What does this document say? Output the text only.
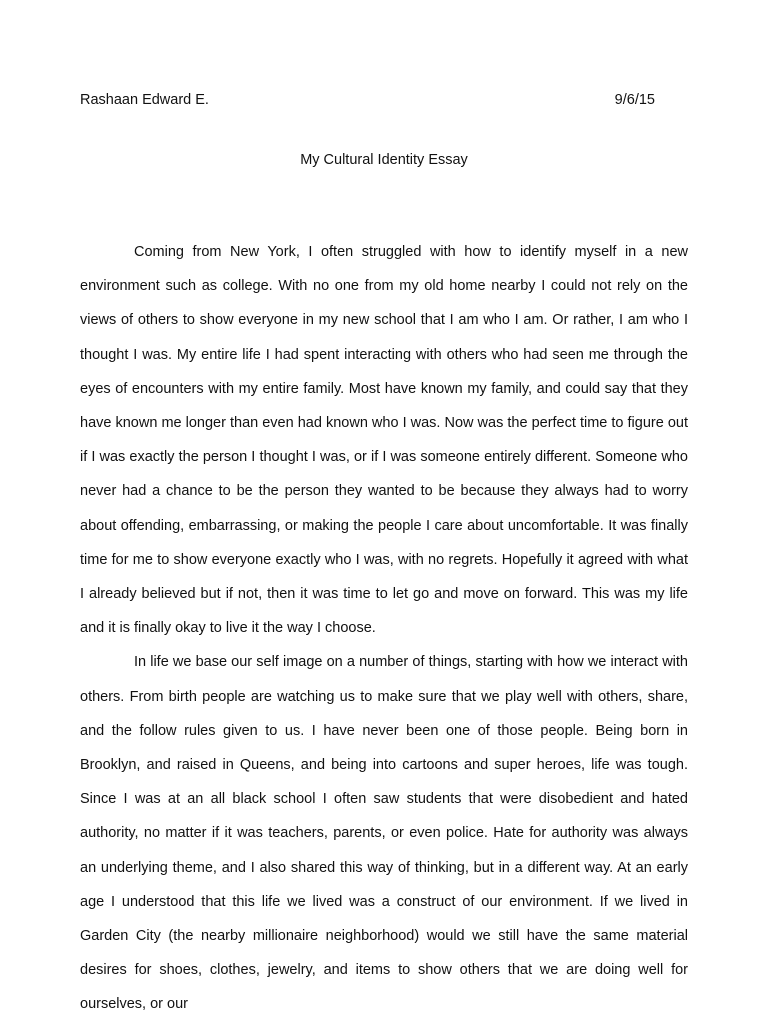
Rashaan Edward E.	9/6/15
My Cultural Identity Essay

Coming from New York, I often struggled with how to identify myself in a new environment such as college. With no one from my old home nearby I could not rely on the views of others to show everyone in my new school that I am who I am. Or rather, I am who I thought I was. My entire life I had spent interacting with others who had seen me through the eyes of encounters with my entire family. Most have known my family, and could say that they have known me longer than even had known who I was. Now was the perfect time to figure out if I was exactly the person I thought I was, or if I was someone entirely different. Someone who never had a chance to be the person they wanted to be because they always had to worry about offending, embarrassing, or making the people I care about uncomfortable. It was finally time for me to show everyone exactly who I was, with no regrets. Hopefully it agreed with what I already believed but if not, then it was time to let go and move on forward. This was my life and it is finally okay to live it the way I choose.

In life we base our self image on a number of things, starting with how we interact with others. From birth people are watching us to make sure that we play well with others, share, and the follow rules given to us. I have never been one of those people. Being born in Brooklyn, and raised in Queens, and being into cartoons and super heroes, life was tough. Since I was at an all black school I often saw students that were disobedient and hated authority, no matter if it was teachers, parents, or even police. Hate for authority was always an underlying theme, and I also shared this way of thinking, but in a different way. At an early age I understood that this life we lived was a construct of our environment. If we lived in Garden City (the nearby millionaire neighborhood) would we still have the same material desires for shoes, clothes, jewelry, and items to show others that we are doing well for ourselves, or our
